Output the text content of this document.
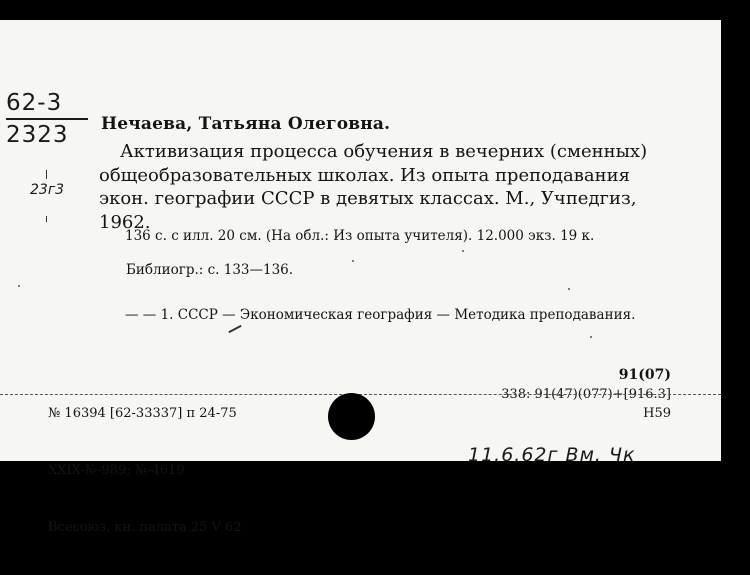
62-3
2323
23г3
Нечаева, Татьяна Олеговна.
Активизация процесса обучения в вечерних (сменных) общеобразовательных школах. Из опыта преподавания экон. географии СССР в девятых классах. М., Учпедгиз, 1962.
136 с. с илл. 20 см. (На обл.: Из опыта учителя). 12.000 экз. 19 к.
Библиогр.: с. 133—136.
— — 1. СССР — Экономическая география — Методика преподавания.

№ 16394 [62-33337] п 24-75

XXIX-№-989; №-4619

Всесоюз. кн. палата 25 V 62

91(07)
338: 91(47)(077)+[916.3]
Н59
11.6.62г Вм. Чк
